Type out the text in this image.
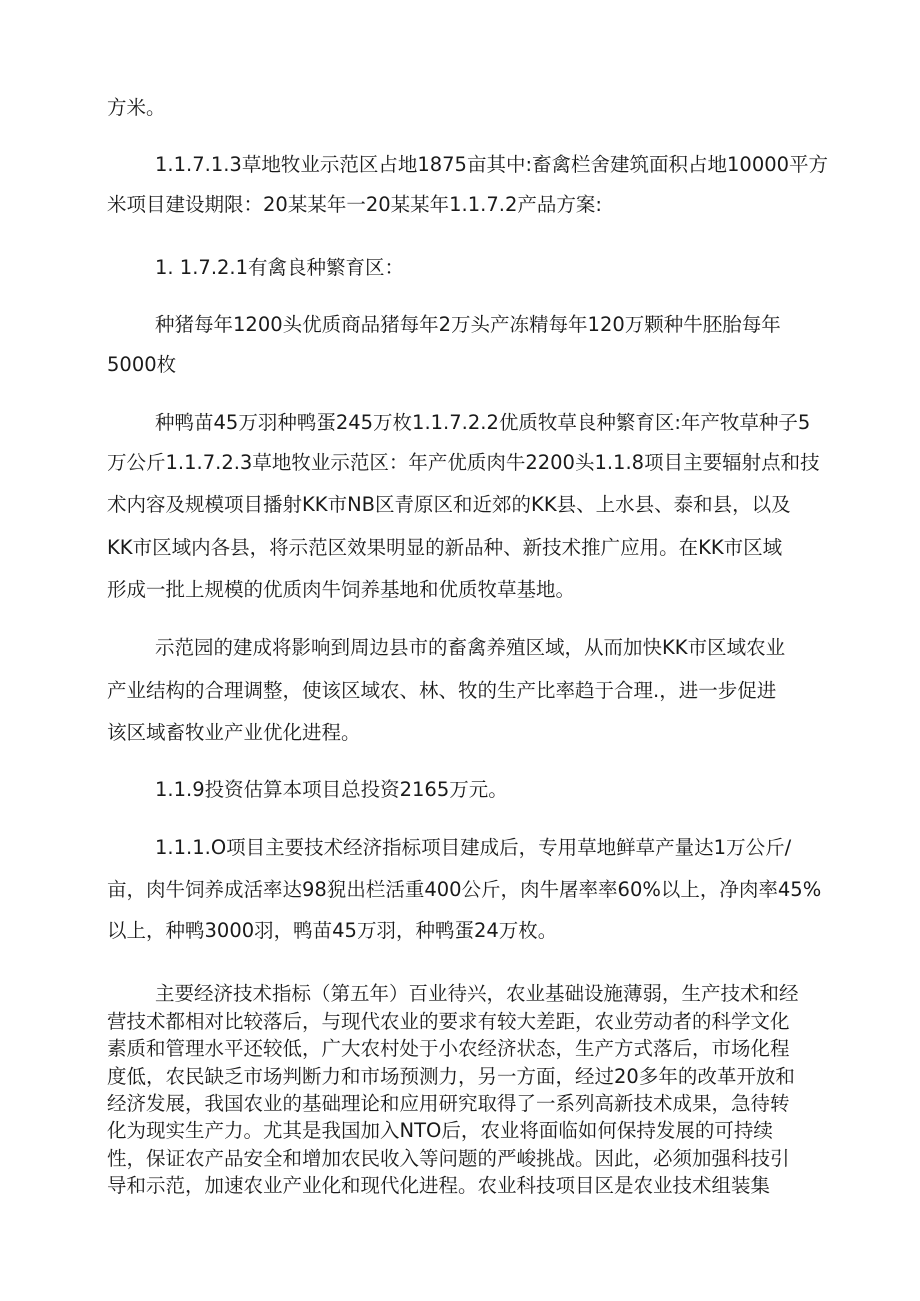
方米。
1.1.7.1.3草地牧业示范区占地1875亩其中:畜禽栏舍建筑面积占地10000平方
米项目建设期限：20某某年一20某某年1.1.7.2产品方案:
1. 1.7.2.1有禽良种繁育区：
种猪每年1200头优质商品猪每年2万头产冻精每年120万颗种牛胚胎每年
5000枚
种鸭苗45万羽种鸭蛋245万枚1.1.7.2.2优质牧草良种繁育区:年产牧草种子5
万公斤1.1.7.2.3草地牧业示范区：年产优质肉牛2200头1.1.8项目主要辐射点和技
术内容及规模项目播射KK市NB区青原区和近郊的KK县、上水县、泰和县，以及
KK市区域内各县，将示范区效果明显的新品种、新技术推广应用。在KK市区域
形成一批上规模的优质肉牛饲养基地和优质牧草基地。
示范园的建成将影响到周边县市的畜禽养殖区域，从而加快KK市区域农业
产业结构的合理调整，使该区域农、林、牧的生产比率趋于合理.，进一步促进
该区域畜牧业产业优化进程。
1.1.9投资估算本项目总投资2165万元。
1.1.1.O项目主要技术经济指标项目建成后，专用草地鲜草产量达1万公斤/
亩，肉牛饲养成活率达98猊出栏活重400公斤，肉牛屠率率60%以上，净肉率45%
以上，种鸭3000羽，鸭苗45万羽，种鸭蛋24万枚。
主要经济技术指标（第五年）百业待兴，农业基础设施薄弱，生产技术和经
营技术都相对比较落后，与现代农业的要求有较大差距，农业劳动者的科学文化
素质和管理水平还较低，广大农村处于小农经济状态，生产方式落后，市场化程
度低，农民缺乏市场判断力和市场预测力，另一方面，经过20多年的改革开放和
经济发展，我国农业的基础理论和应用研究取得了一系列高新技术成果，急待转
化为现实生产力。尤其是我国加入NTO后，农业将面临如何保持发展的可持续
性，保证农产品安全和增加农民收入等问题的严峻挑战。因此，必须加强科技引
导和示范，加速农业产业化和现代化进程。农业科技项目区是农业技术组装集
